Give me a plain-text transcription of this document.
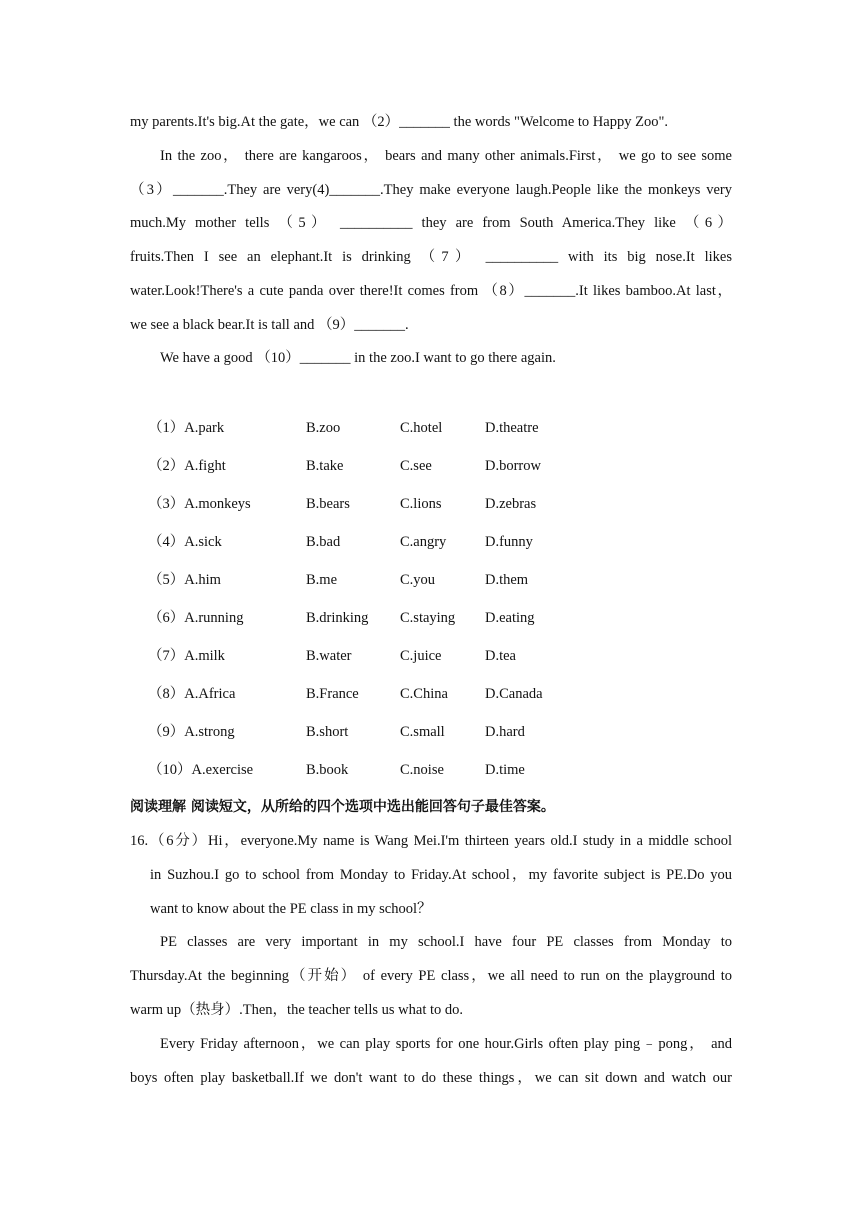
my parents.It's big.At the gate，we can （2）_______ the words "Welcome to Happy Zoo".
In the zoo， there are kangaroos， bears and many other animals.First， we go to see some
（3）_______.They are very(4)_______.They make everyone laugh.People like the monkeys very
much.My mother tells （5） __________ they are from South America.They like （6）
fruits.Then I see an elephant.It is drinking （7） __________ with its big nose.It likes
water.Look!There's a cute panda over there!It comes from （8）_______.It likes bamboo.At last，
we see a black bear.It is tall and （9）_______.
We have a good （10）_______ in the zoo.I want to go there again.
（1）A.park	B.zoo	C.hotel	D.theatre
（2）A.fight	B.take	C.see	D.borrow
（3）A.monkeys	B.bears	C.lions	D.zebras
（4）A.sick	B.bad	C.angry	D.funny
（5）A.him	B.me	C.you	D.them
（6）A.running	B.drinking C.staying D.eating
（7）A.milk	B.water	C.juice	D.tea
（8）A.Africa	B.France	C.China	D.Canada
（9）A.strong	B.short	C.small	D.hard
（10）A.exercise	B.book	C.noise	D.time
阅读理解 阅读短文，从所给的四个选项中选出能回答句子最佳答案。
16.（6分）Hi，everyone.My name is Wang Mei.I'm thirteen years old.I study in a middle school
in Suzhou.I go to school from Monday to Friday.At school，my favorite subject is PE.Do you
want to know about the PE class in my school？
PE classes are very important in my school.I have four PE classes from Monday to
Thursday.At the beginning（开始） of every PE class，we all need to run on the playground to
warm up（热身）.Then，the teacher tells us what to do.
Every Friday afternoon，we can play sports for one hour.Girls often play ping﹣pong， and
boys often play basketball.If we don't want to do these things，we can sit down and watch our
